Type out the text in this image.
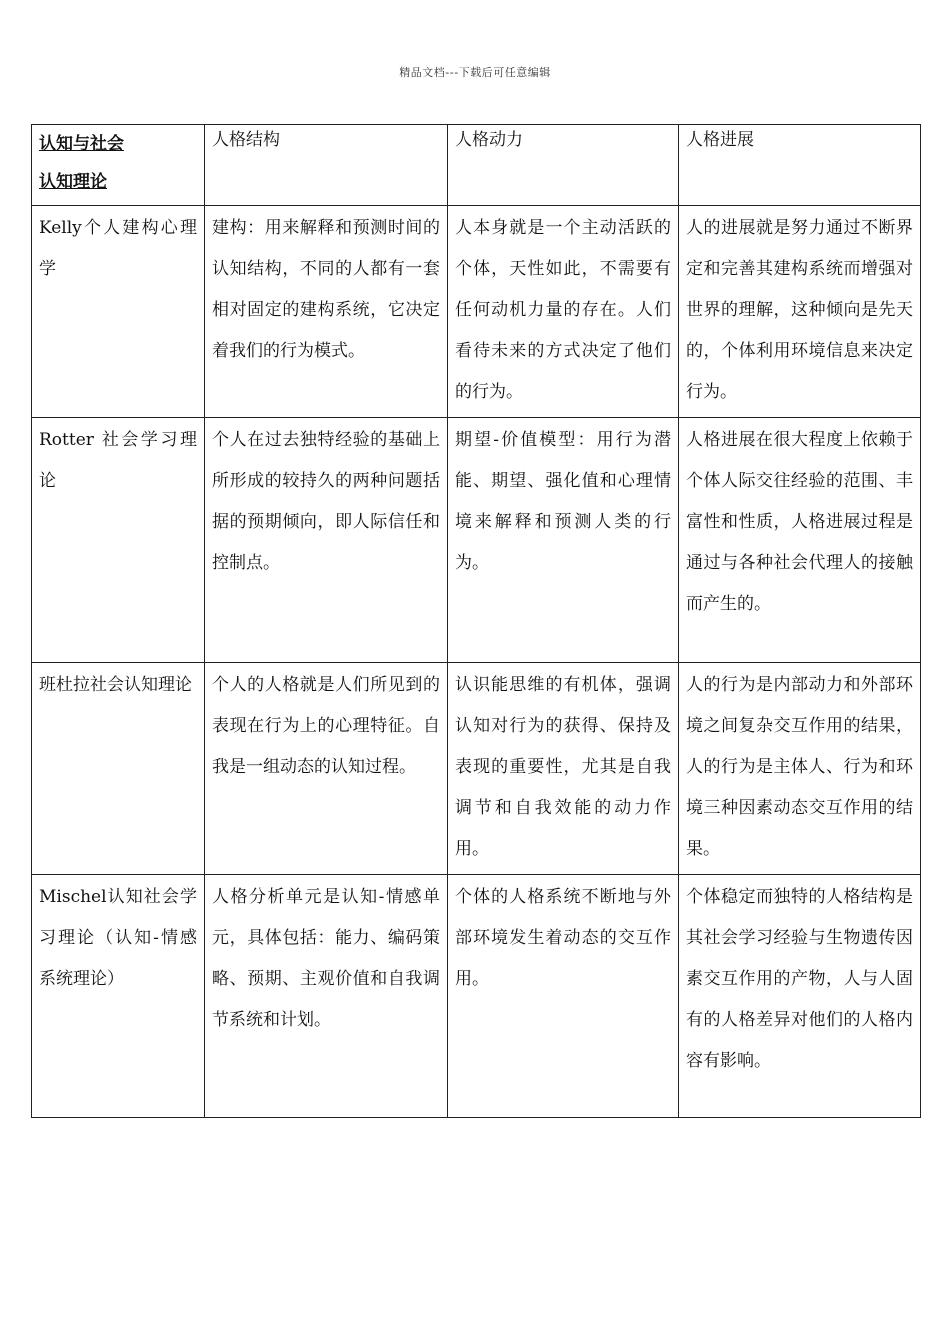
精品文档---下载后可任意编辑
认知与社会
认知理论	人格结构	人格动力	人格进展
Kelly个人建构心理学	建构：用来解释和预测时间的认知结构，不同的人都有一套相对固定的建构系统，它决定着我们的行为模式。	人本身就是一个主动活跃的个体，天性如此，不需要有任何动机力量的存在。人们看待未来的方式决定了他们的行为。	人的进展就是努力通过不断界定和完善其建构系统而增强对世界的理解，这种倾向是先天的，个体利用环境信息来决定行为。
Rotter 社会学习理论	个人在过去独特经验的基础上所形成的较持久的两种问题括据的预期倾向，即人际信任和控制点。	期望-价值模型：用行为潜能、期望、强化值和心理情境来解释和预测人类的行为。	人格进展在很大程度上依赖于个体人际交往经验的范围、丰富性和性质，人格进展过程是通过与各种社会代理人的接触而产生的。
班杜拉社会认知理论	个人的人格就是人们所见到的表现在行为上的心理特征。自我是一组动态的认知过程。	认识能思维的有机体，强调认知对行为的获得、保持及表现的重要性，尤其是自我调节和自我效能的动力作用。	人的行为是内部动力和外部环境之间复杂交互作用的结果，人的行为是主体人、行为和环境三种因素动态交互作用的结果。
Mischel认知社会学习理论（认知-情感系统理论）	人格分析单元是认知-情感单元，具体包括：能力、编码策略、预期、主观价值和自我调节系统和计划。	个体的人格系统不断地与外部环境发生着动态的交互作用。	个体稳定而独特的人格结构是其社会学习经验与生物遗传因素交互作用的产物，人与人固有的人格差异对他们的人格内容有影响。
